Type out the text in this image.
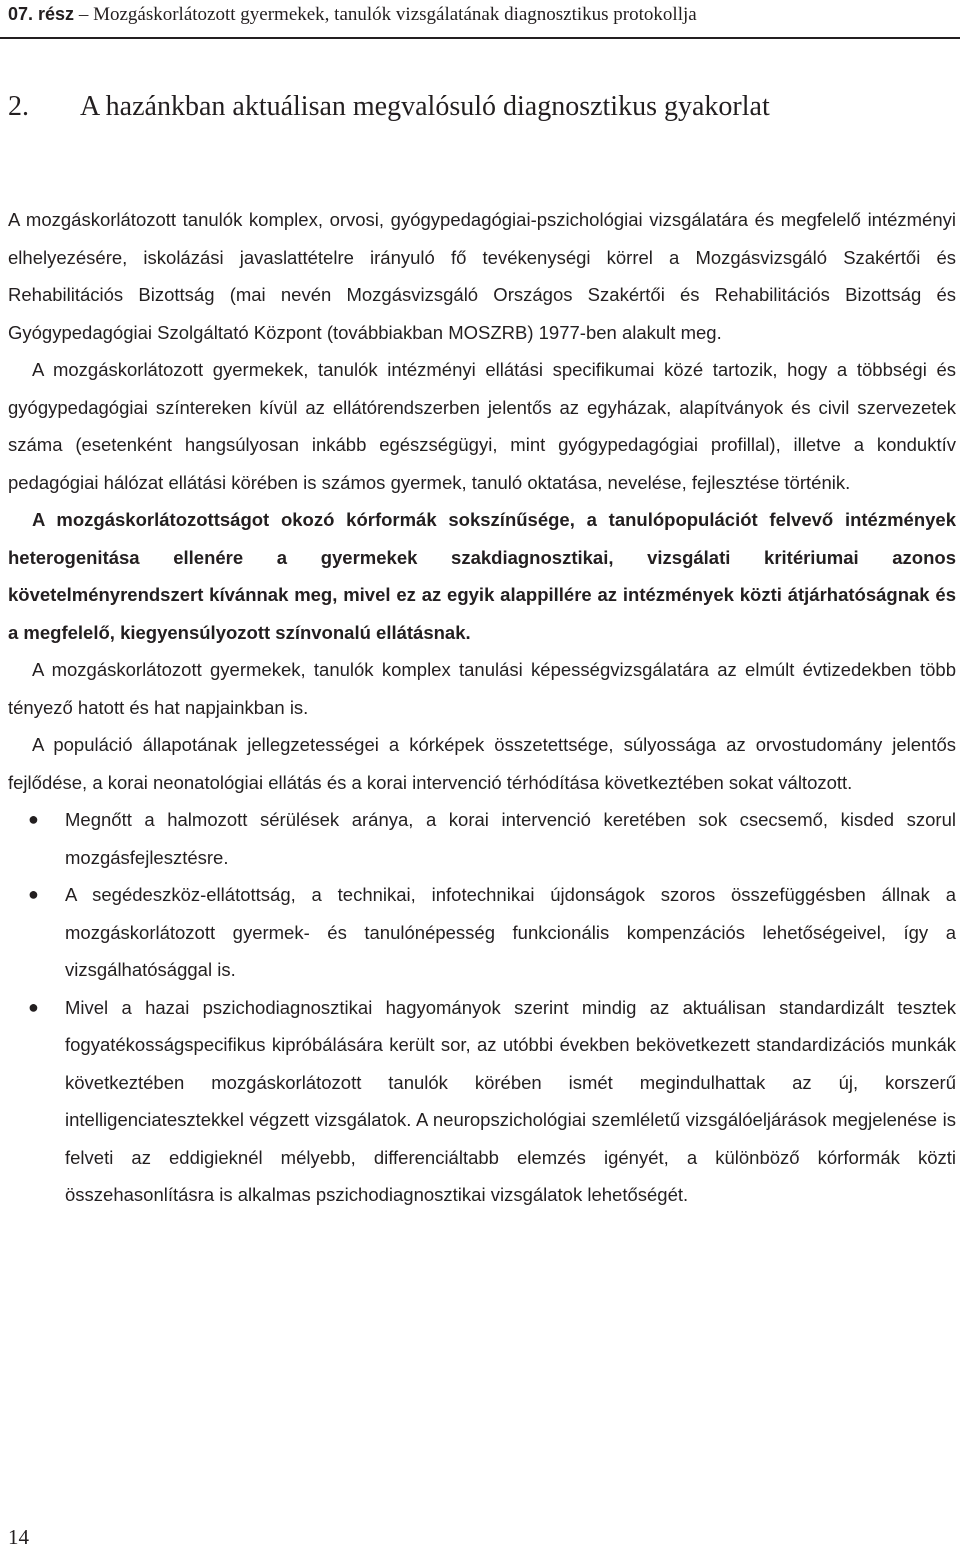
07. rész – Mozgáskorlátozott gyermekek, tanulók vizsgálatának diagnosztikus protokollja
2. A hazánkban aktuálisan megvalósuló diagnosztikus gyakorlat

A mozgáskorlátozott tanulók komplex, orvosi, gyógypedagógiai-pszichológiai vizsgálatára és megfelelő intézményi elhelyezésére, iskolázási javaslattételre irányuló fő tevékenységi körrel a Mozgásvizsgáló Szakértői és Rehabilitációs Bizottság (mai nevén Mozgásvizsgáló Országos Szakértői és Rehabilitációs Bizottság és Gyógypedagógiai Szolgáltató Központ (továbbiakban MOSZRB) 1977-ben alakult meg.

A mozgáskorlátozott gyermekek, tanulók intézményi ellátási specifikumai közé tartozik, hogy a többségi és gyógypedagógiai színtereken kívül az ellátórendszerben jelentős az egyházak, alapítványok és civil szervezetek száma (esetenként hangsúlyosan inkább egészségügyi, mint gyógypedagógiai profillal), illetve a konduktív pedagógiai hálózat ellátási körében is számos gyermek, tanuló oktatása, nevelése, fejlesztése történik.

A mozgáskorlátozottságot okozó kórformák sokszínűsége, a tanulópopulációt felvevő intézmények heterogenitása ellenére a gyermekek szakdiagnosztikai, vizsgálati kritériumai azonos követelményrendszert kívánnak meg, mivel ez az egyik alappillére az intézmények közti átjárhatóságnak és a megfelelő, kiegyensúlyozott színvonalú ellátásnak.

A mozgáskorlátozott gyermekek, tanulók komplex tanulási képességvizsgálatára az elmúlt évtizedekben több tényező hatott és hat napjainkban is.

A populáció állapotának jellegzetességei a kórképek összetettsége, súlyossága az orvostudomány jelentős fejlődése, a korai neonatológiai ellátás és a korai intervenció térhódítása következtében sokat változott.

● Megnőtt a halmozott sérülések aránya, a korai intervenció keretében sok csecsemő, kisded szorul mozgásfejlesztésre.
● A segédeszköz-ellátottság, a technikai, infotechnikai újdonságok szoros összefüggésben állnak a mozgáskorlátozott gyermek- és tanulónépesség funkcionális kompenzációs lehetőségeivel, így a vizsgálhatósággal is.
● Mivel a hazai pszichodiagnosztikai hagyományok szerint mindig az aktuálisan standardizált tesztek fogyatékosságspecifikus kipróbálására került sor, az utóbbi években bekövetkezett standardizációs munkák következtében mozgáskorlátozott tanulók körében ismét megindulhattak az új, korszerű intelligenciatesztekkel végzett vizsgálatok. A neuropszichológiai szemléletű vizsgálóeljárások megjelenése is felveti az eddigieknél mélyebb, differenciáltabb elemzés igényét, a különböző kórformák közti összehasonlításra is alkalmas pszichodiagnosztikai vizsgálatok lehetőségét.
14
